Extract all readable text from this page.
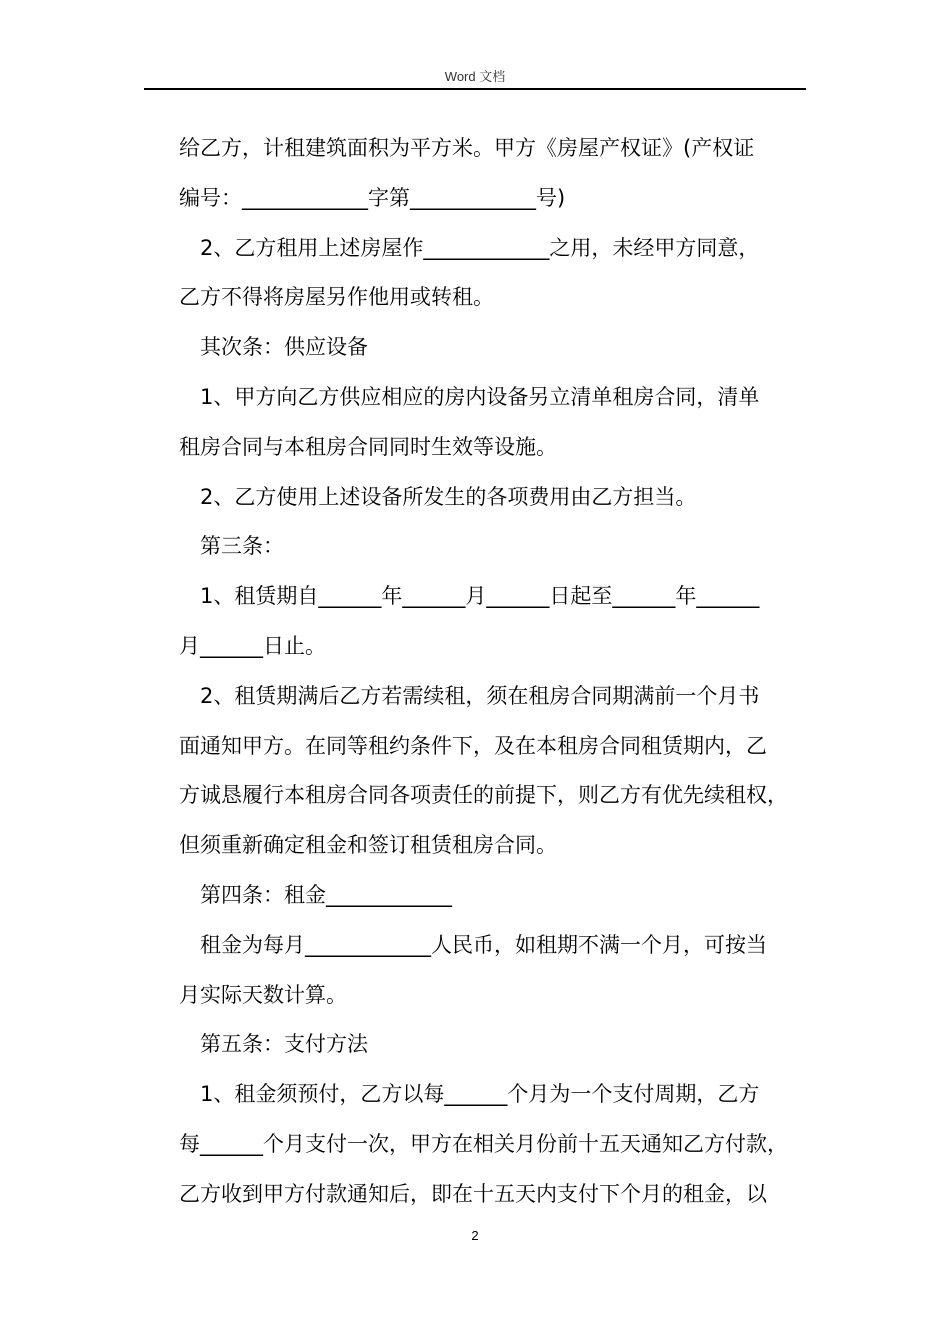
Word 文档
给乙方，计租建筑面积为平方米。甲方《房屋产权证》(产权证
编号：____________字第____________号)
2、乙方租用上述房屋作____________之用，未经甲方同意，
乙方不得将房屋另作他用或转租。
其次条：供应设备
1、甲方向乙方供应相应的房内设备另立清单租房合同，清单
租房合同与本租房合同同时生效等设施。
2、乙方使用上述设备所发生的各项费用由乙方担当。
第三条：
1、租赁期自______年______月______日起至______年______
月______日止。
2、租赁期满后乙方若需续租，须在租房合同期满前一个月书
面通知甲方。在同等租约条件下，及在本租房合同租赁期内，乙
方诚恳履行本租房合同各项责任的前提下，则乙方有优先续租权，
但须重新确定租金和签订租赁租房合同。
第四条：租金____________
租金为每月____________人民币，如租期不满一个月，可按当
月实际天数计算。
第五条：支付方法
1、租金须预付，乙方以每______个月为一个支付周期，乙方
每______个月支付一次，甲方在相关月份前十五天通知乙方付款，
乙方收到甲方付款通知后，即在十五天内支付下个月的租金，以
2
